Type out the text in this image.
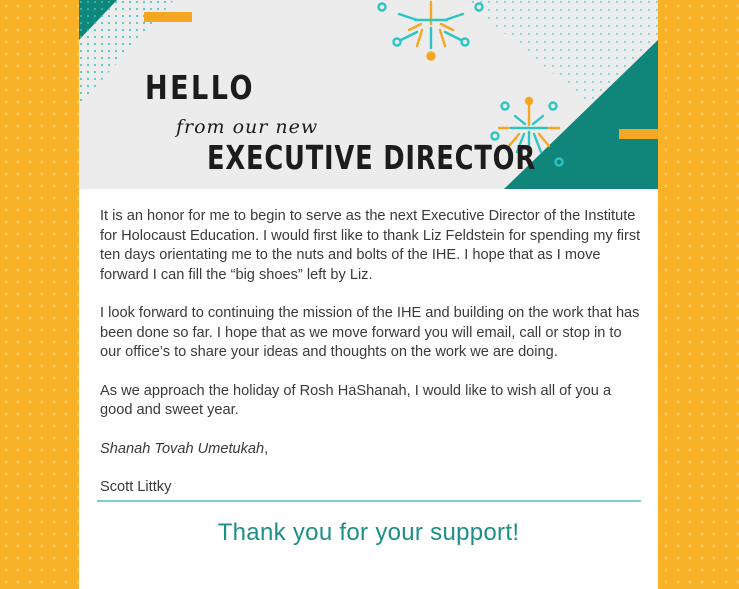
HELLO
from our new
EXECUTIVE DIRECTOR

It is an honor for me to begin to serve as the next Executive Director of the Institute for Holocaust Education. I would first like to thank Liz Feldstein for spending my first ten days orientating me to the nuts and bolts of the IHE. I hope that as I move forward I can fill the “big shoes” left by Liz.

I look forward to continuing the mission of the IHE and building on the work that has been done so far. I hope that as we move forward you will email, call or stop in to our office’s to share your ideas and thoughts on the work we are doing.

As we approach the holiday of Rosh HaShanah, I would like to wish all of you a good and sweet year.

Shanah Tovah Umetukah,

Scott Littky

Thank you for your support!
